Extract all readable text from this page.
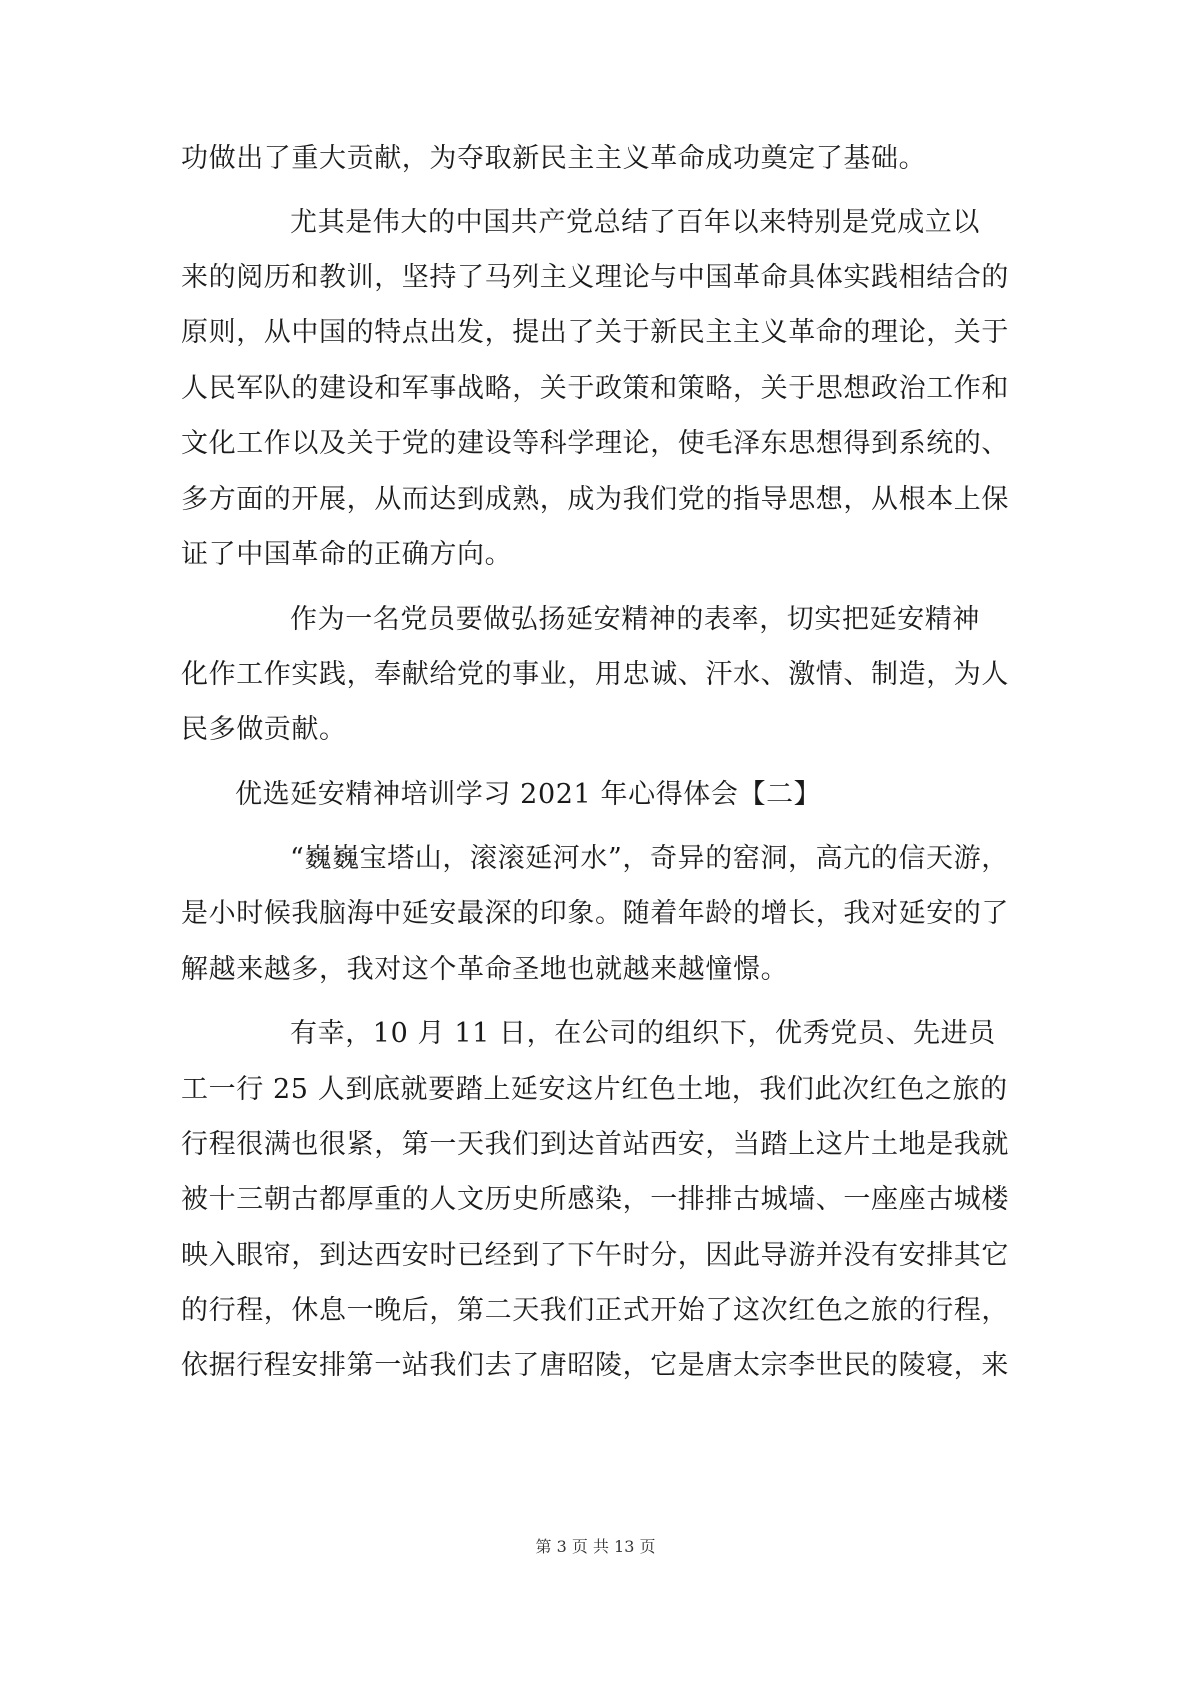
功做出了重大贡献，为夺取新民主主义革命成功奠定了基础。
尤其是伟大的中国共产党总结了百年以来特别是党成立以
来的阅历和教训，坚持了马列主义理论与中国革命具体实践相结合的
原则，从中国的特点出发，提出了关于新民主主义革命的理论，关于
人民军队的建设和军事战略，关于政策和策略，关于思想政治工作和
文化工作以及关于党的建设等科学理论，使毛泽东思想得到系统的、
多方面的开展，从而达到成熟，成为我们党的指导思想，从根本上保
证了中国革命的正确方向。
作为一名党员要做弘扬延安精神的表率，切实把延安精神
化作工作实践，奉献给党的事业，用忠诚、汗水、激情、制造，为人
民多做贡献。
优选延安精神培训学习 2021 年心得体会【二】
“巍巍宝塔山，滚滚延河水”，奇异的窑洞，高亢的信天游，
是小时候我脑海中延安最深的印象。随着年龄的增长，我对延安的了
解越来越多，我对这个革命圣地也就越来越憧憬。
有幸，10 月 11 日，在公司的组织下，优秀党员、先进员
工一行 25 人到底就要踏上延安这片红色土地，我们此次红色之旅的
行程很满也很紧，第一天我们到达首站西安，当踏上这片土地是我就
被十三朝古都厚重的人文历史所感染，一排排古城墙、一座座古城楼
映入眼帘，到达西安时已经到了下午时分，因此导游并没有安排其它
的行程，休息一晚后，第二天我们正式开始了这次红色之旅的行程，
依据行程安排第一站我们去了唐昭陵，它是唐太宗李世民的陵寝，来
第 3 页 共 13 页
